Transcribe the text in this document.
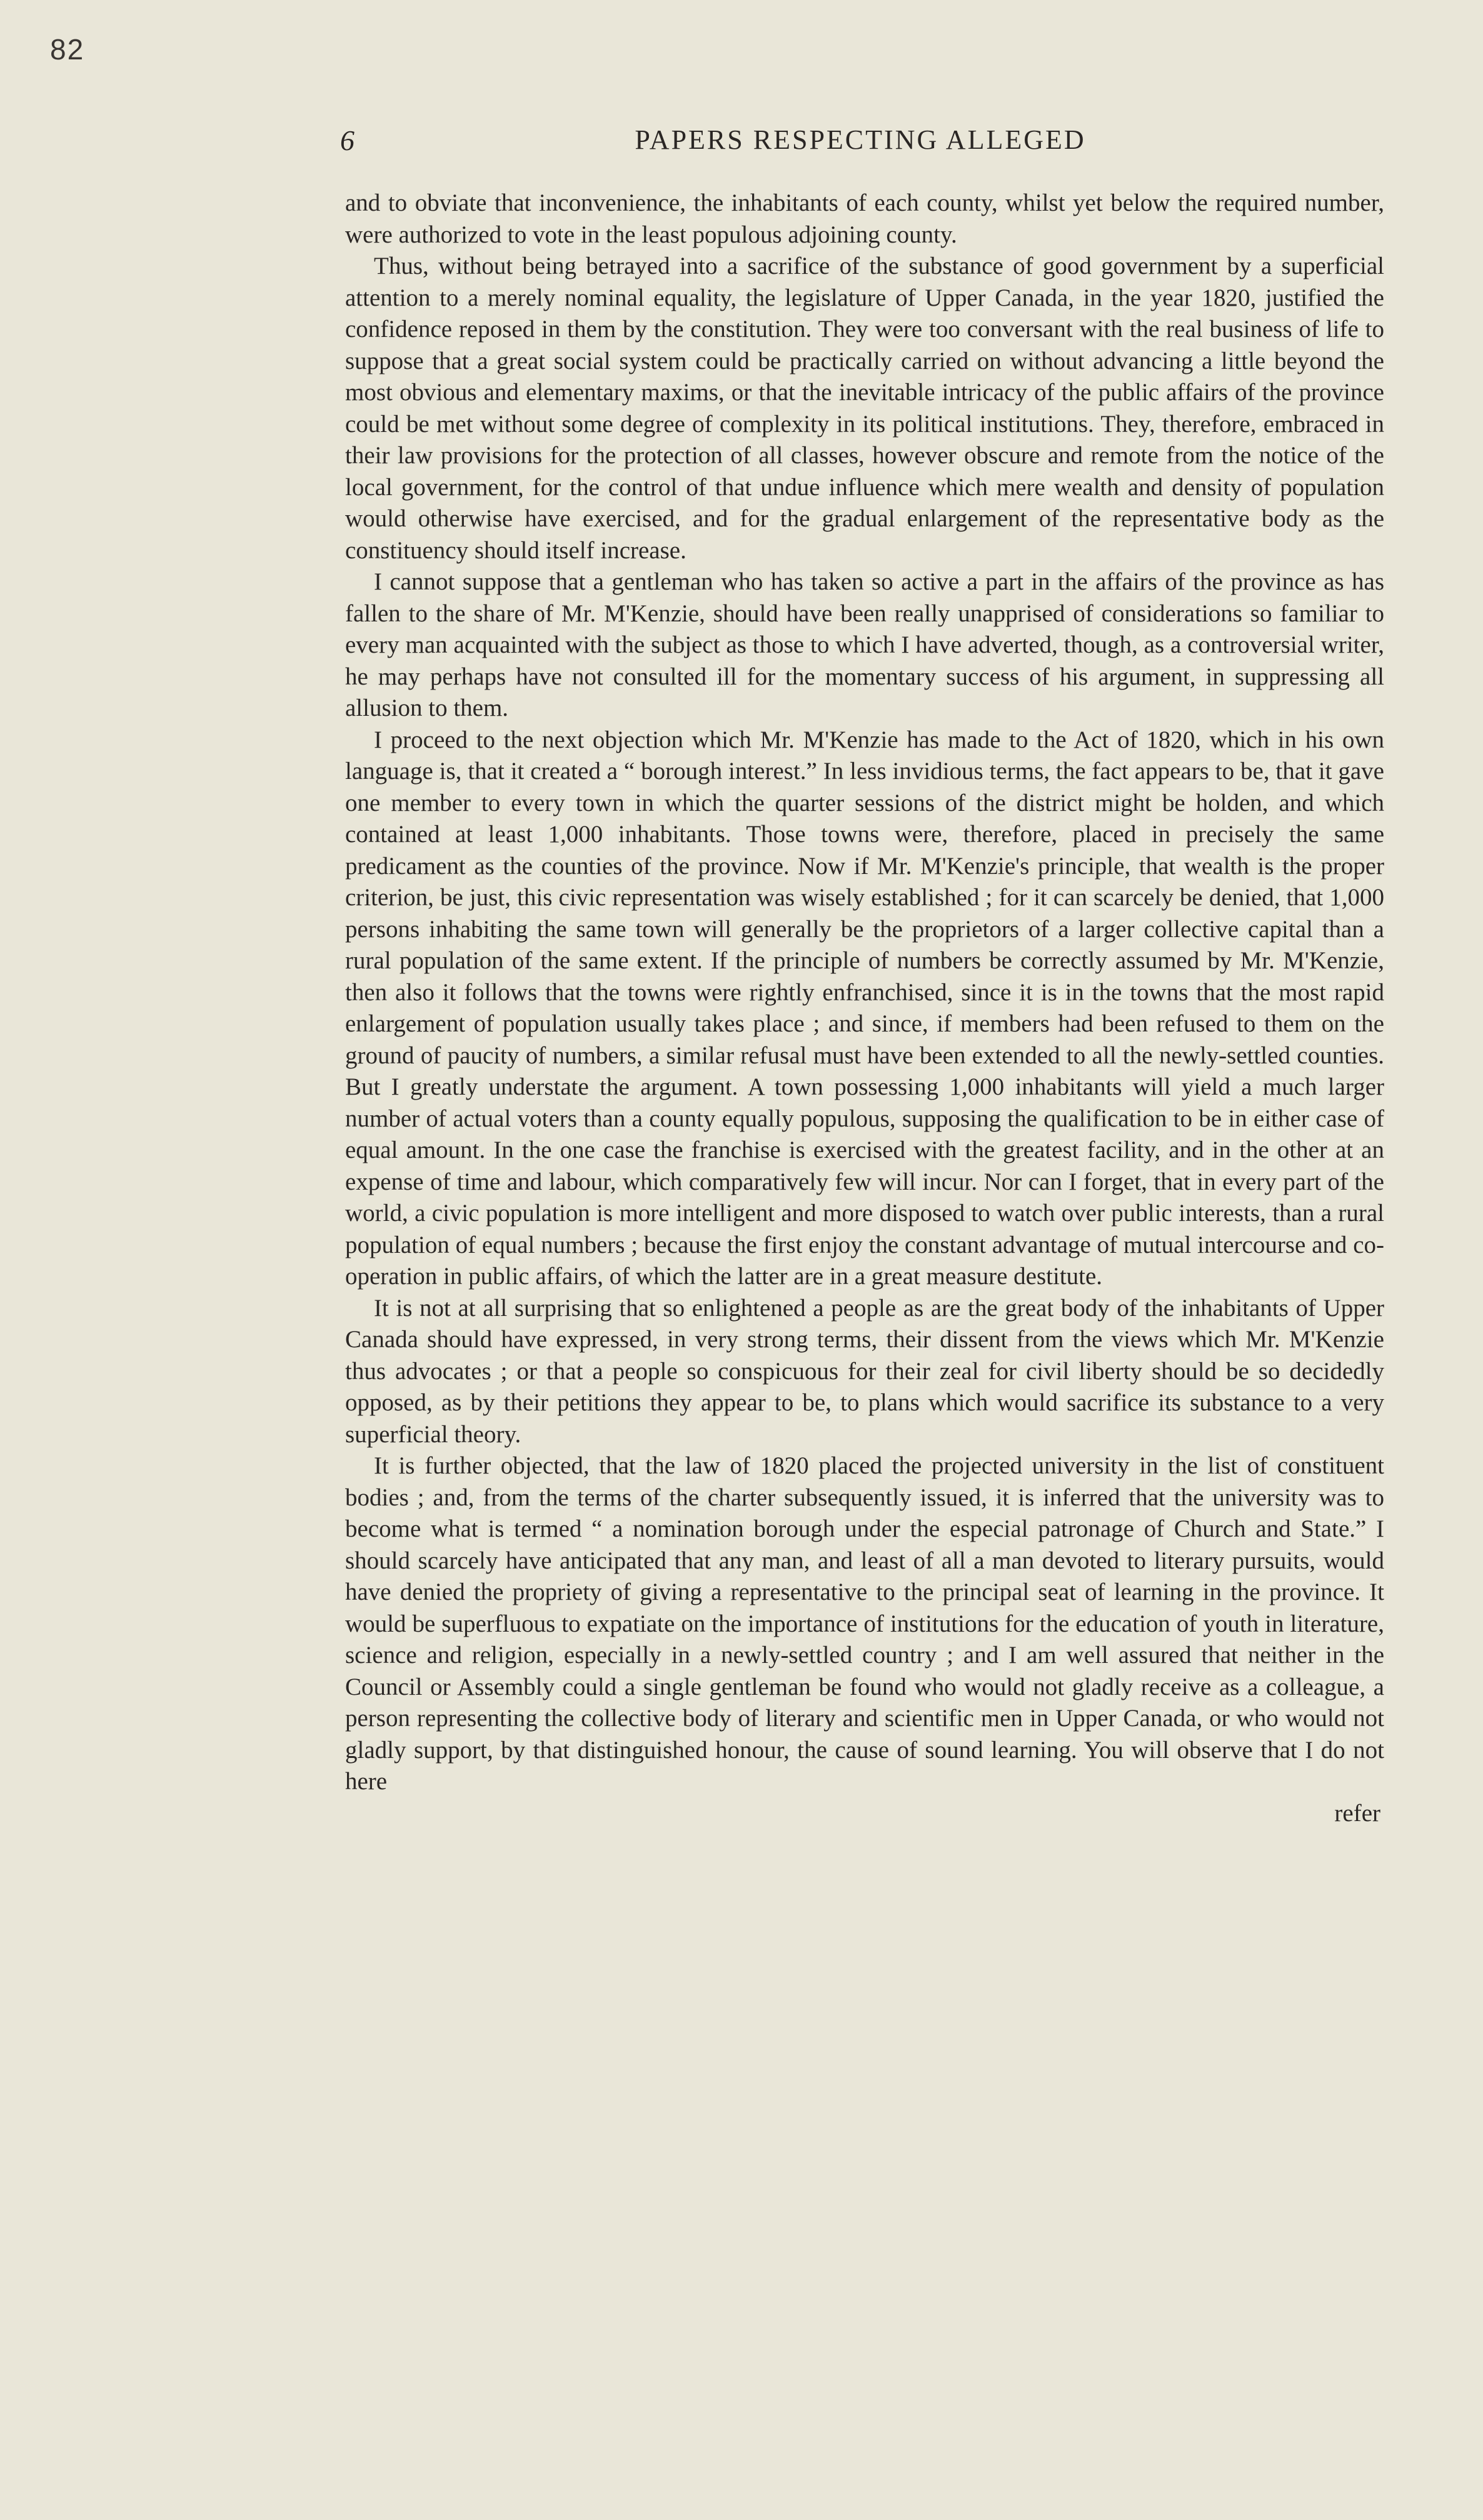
82
6	PAPERS RESPECTING ALLEGED

and to obviate that inconvenience, the inhabitants of each county, whilst yet below the required number, were authorized to vote in the least populous adjoining county.

Thus, without being betrayed into a sacrifice of the substance of good government by a superficial attention to a merely nominal equality, the legislature of Upper Canada, in the year 1820, justified the confidence reposed in them by the constitution. They were too conversant with the real business of life to suppose that a great social system could be practically carried on without advancing a little beyond the most obvious and elementary maxims, or that the inevitable intricacy of the public affairs of the province could be met without some degree of complexity in its political institutions. They, therefore, embraced in their law provisions for the protection of all classes, however obscure and remote from the notice of the local government, for the control of that undue influence which mere wealth and density of population would otherwise have exercised, and for the gradual enlargement of the representative body as the constituency should itself increase.

I cannot suppose that a gentleman who has taken so active a part in the affairs of the province as has fallen to the share of Mr. M'Kenzie, should have been really unapprised of considerations so familiar to every man acquainted with the subject as those to which I have adverted, though, as a controversial writer, he may perhaps have not consulted ill for the momentary success of his argument, in suppressing all allusion to them.

I proceed to the next objection which Mr. M'Kenzie has made to the Act of 1820, which in his own language is, that it created a “ borough interest.” In less invidious terms, the fact appears to be, that it gave one member to every town in which the quarter sessions of the district might be holden, and which contained at least 1,000 inhabitants. Those towns were, therefore, placed in precisely the same predicament as the counties of the province. Now if Mr. M'Kenzie's principle, that wealth is the proper criterion, be just, this civic representation was wisely established ; for it can scarcely be denied, that 1,000 persons inhabiting the same town will generally be the proprietors of a larger collective capital than a rural population of the same extent. If the principle of numbers be correctly assumed by Mr. M'Kenzie, then also it follows that the towns were rightly enfranchised, since it is in the towns that the most rapid enlargement of population usually takes place ; and since, if members had been refused to them on the ground of paucity of numbers, a similar refusal must have been extended to all the newly-settled counties. But I greatly understate the argument. A town possessing 1,000 inhabitants will yield a much larger number of actual voters than a county equally populous, supposing the qualification to be in either case of equal amount. In the one case the franchise is exercised with the greatest facility, and in the other at an expense of time and labour, which comparatively few will incur. Nor can I forget, that in every part of the world, a civic population is more intelligent and more disposed to watch over public interests, than a rural population of equal numbers ; because the first enjoy the constant advantage of mutual intercourse and co-operation in public affairs, of which the latter are in a great measure destitute.

It is not at all surprising that so enlightened a people as are the great body of the inhabitants of Upper Canada should have expressed, in very strong terms, their dissent from the views which Mr. M'Kenzie thus advocates ; or that a people so conspicuous for their zeal for civil liberty should be so decidedly opposed, as by their petitions they appear to be, to plans which would sacrifice its substance to a very superficial theory.

It is further objected, that the law of 1820 placed the projected university in the list of constituent bodies ; and, from the terms of the charter subsequently issued, it is inferred that the university was to become what is termed “ a nomination borough under the especial patronage of Church and State.” I should scarcely have anticipated that any man, and least of all a man devoted to literary pursuits, would have denied the propriety of giving a representative to the principal seat of learning in the province. It would be superfluous to expatiate on the importance of institutions for the education of youth in literature, science and religion, especially in a newly-settled country ; and I am well assured that neither in the Council or Assembly could a single gentleman be found who would not gladly receive as a colleague, a person representing the collective body of literary and scientific men in Upper Canada, or who would not gladly support, by that distinguished honour, the cause of sound learning. You will observe that I do not here

refer
